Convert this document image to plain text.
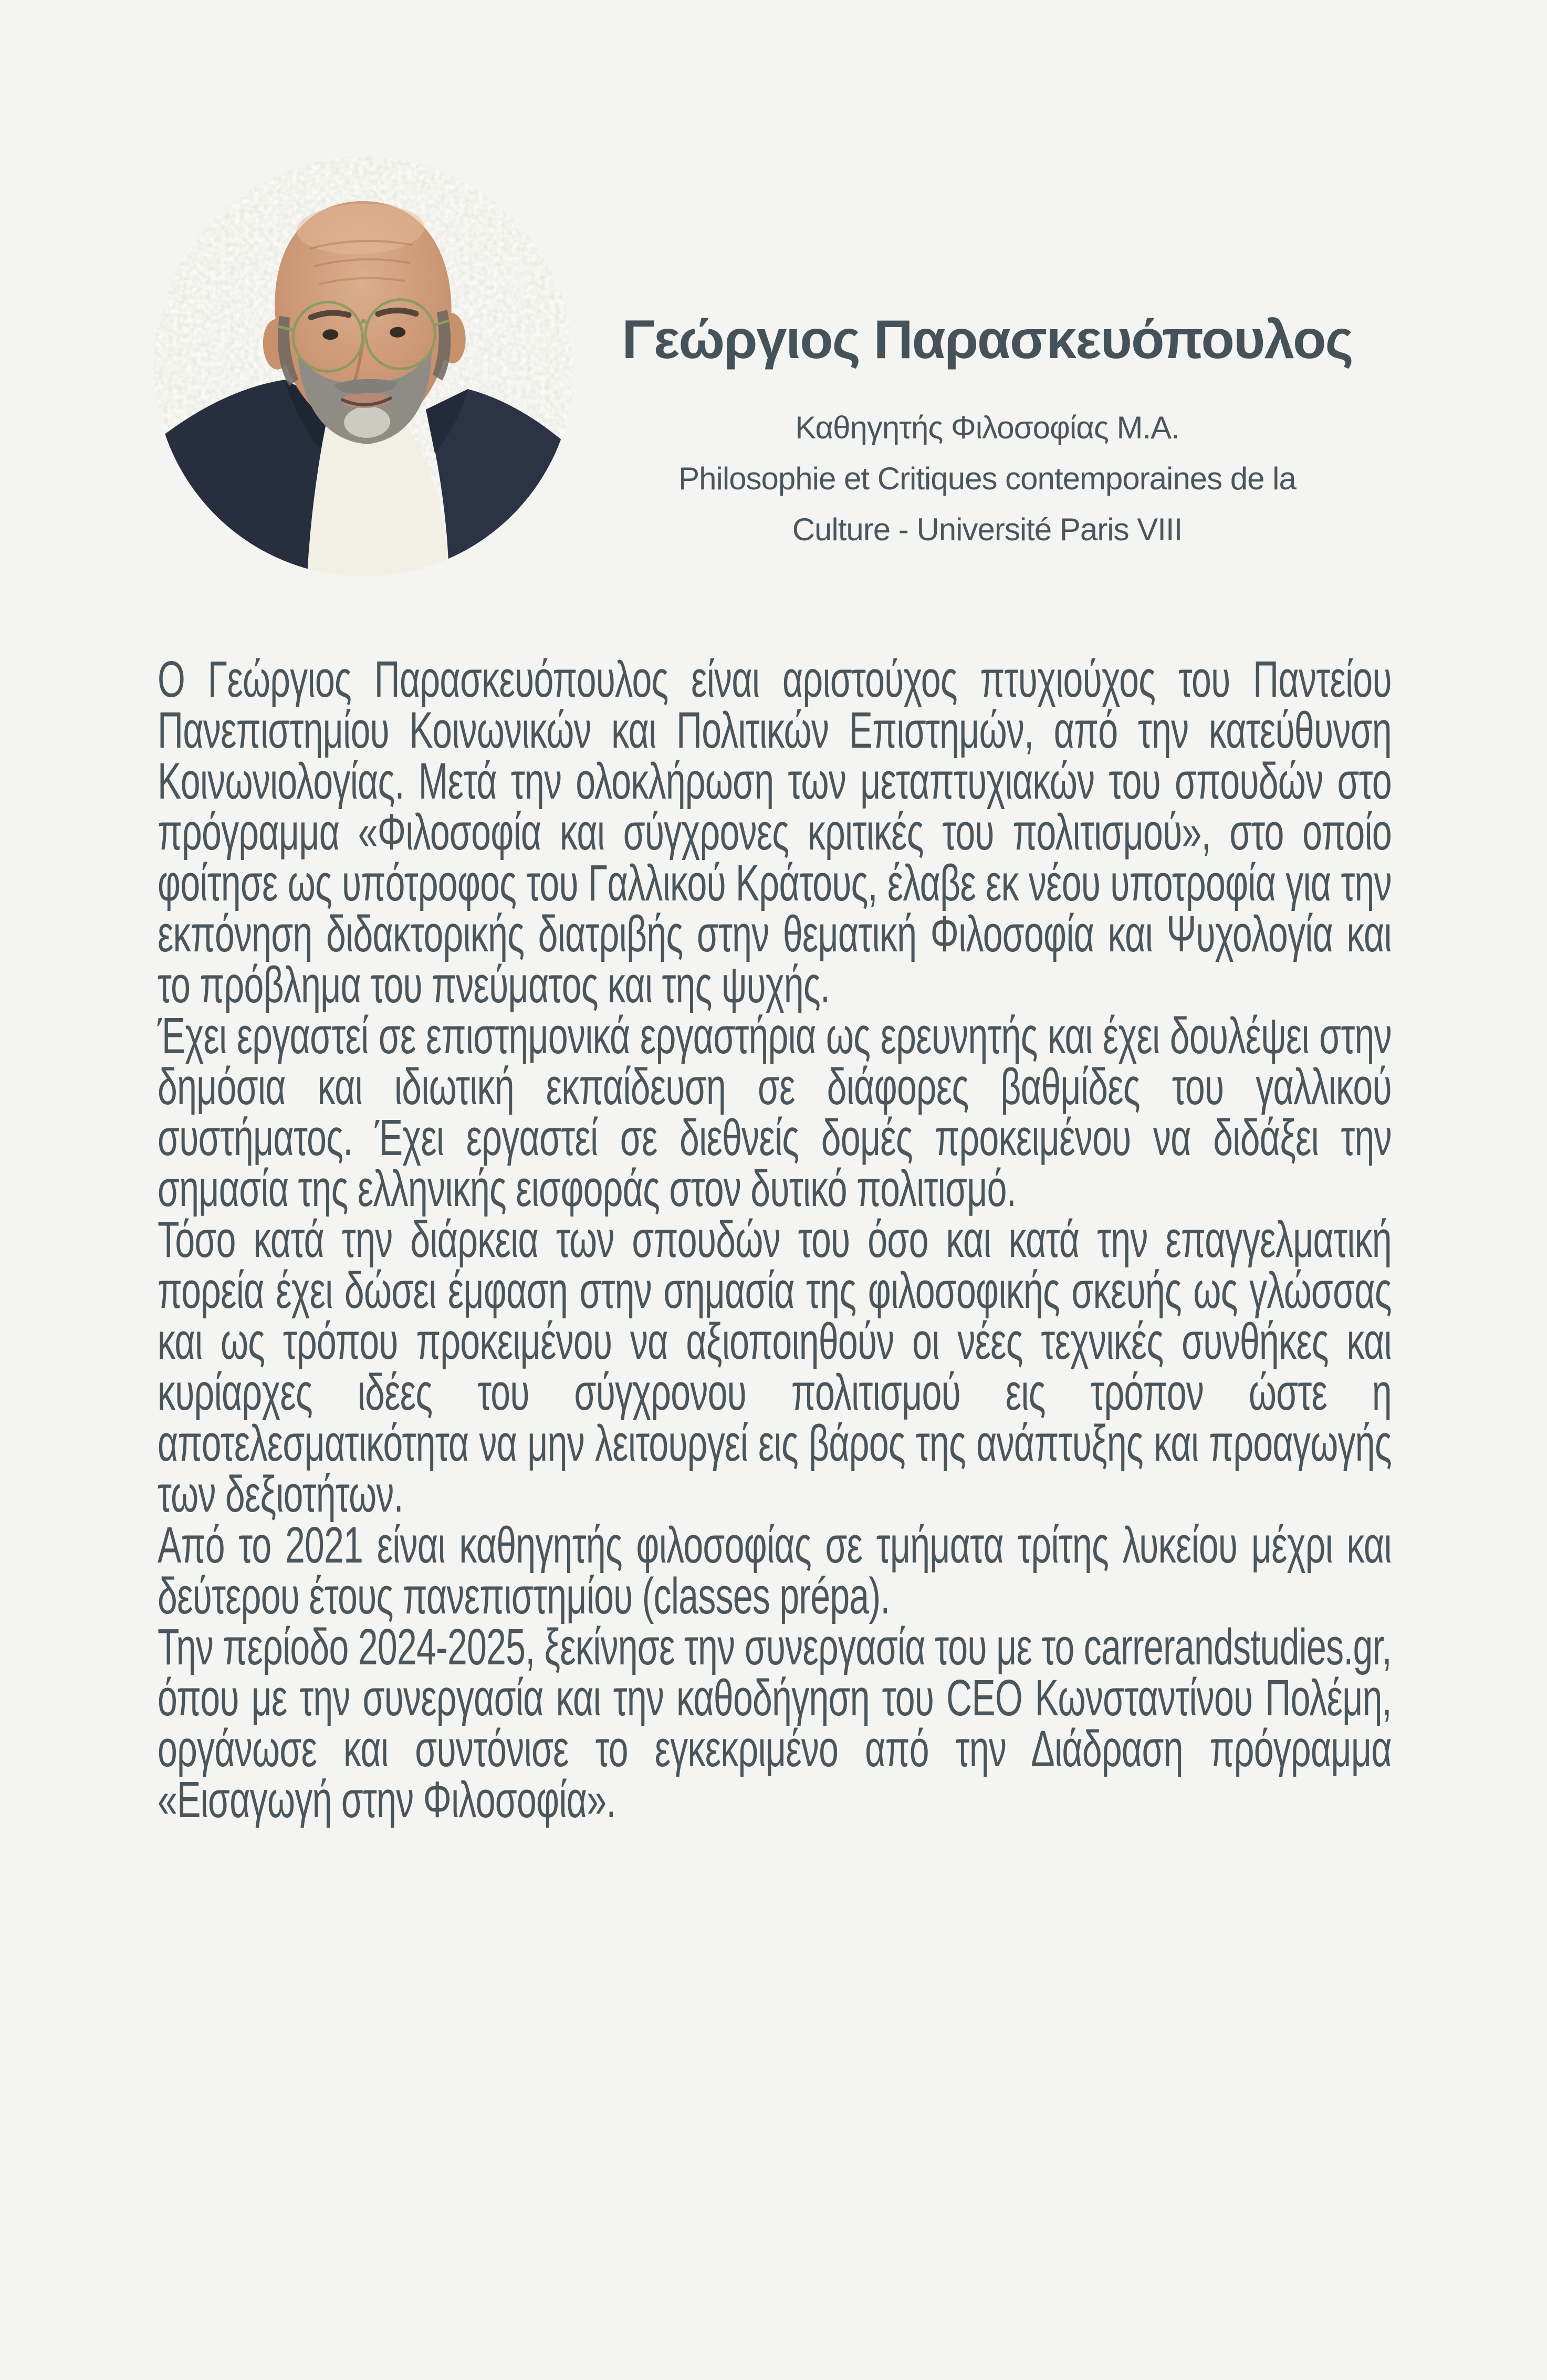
Γεώργιος Παρασκευόπουλος
Καθηγητής Φιλοσοφίας M.A.
Philosophie et Critiques contemporaines de la
Culture - Université Paris VIII

Ο Γεώργιος Παρασκευόπουλος είναι αριστούχος πτυχιούχος του Παντείου Πανεπιστημίου Κοινωνικών και Πολιτικών Επιστημών, από την κατεύθυνση Κοινωνιολογίας. Μετά την ολοκλήρωση των μεταπτυχιακών του σπουδών στο πρόγραμμα «Φιλοσοφία και σύγχρονες κριτικές του πολιτισμού», στο οποίο φοίτησε ως υπότροφος του Γαλλικού Κράτους, έλαβε εκ νέου υποτροφία για την εκπόνηση διδακτορικής διατριβής στην θεματική Φιλοσοφία και Ψυχολογία και το πρόβλημα του πνεύματος και της ψυχής.

Έχει εργαστεί σε επιστημονικά εργαστήρια ως ερευνητής και έχει δουλέψει στην δημόσια και ιδιωτική εκπαίδευση σε διάφορες βαθμίδες του γαλλικού συστήματος. Έχει εργαστεί σε διεθνείς δομές προκειμένου να διδάξει την σημασία της ελληνικής εισφοράς στον δυτικό πολιτισμό.

Τόσο κατά την διάρκεια των σπουδών του όσο και κατά την επαγγελματική πορεία έχει δώσει έμφαση στην σημασία της φιλοσοφικής σκευής ως γλώσσας και ως τρόπου προκειμένου να αξιοποιηθούν οι νέες τεχνικές συνθήκες και κυρίαρχες ιδέες του σύγχρονου πολιτισμού εις τρόπον ώστε η αποτελεσματικότητα να μην λειτουργεί εις βάρος της ανάπτυξης και προαγωγής των δεξιοτήτων.

Από το 2021 είναι καθηγητής φιλοσοφίας σε τμήματα τρίτης λυκείου μέχρι και δεύτερου έτους πανεπιστημίου (classes prépa).

Την περίοδο 2024-2025, ξεκίνησε την συνεργασία του με το carrerandstudies.gr, όπου με την συνεργασία και την καθοδήγηση του CEO Κωνσταντίνου Πολέμη, οργάνωσε και συντόνισε το εγκεκριμένο από την Διάδραση πρόγραμμα «Εισαγωγή στην Φιλοσοφία».
